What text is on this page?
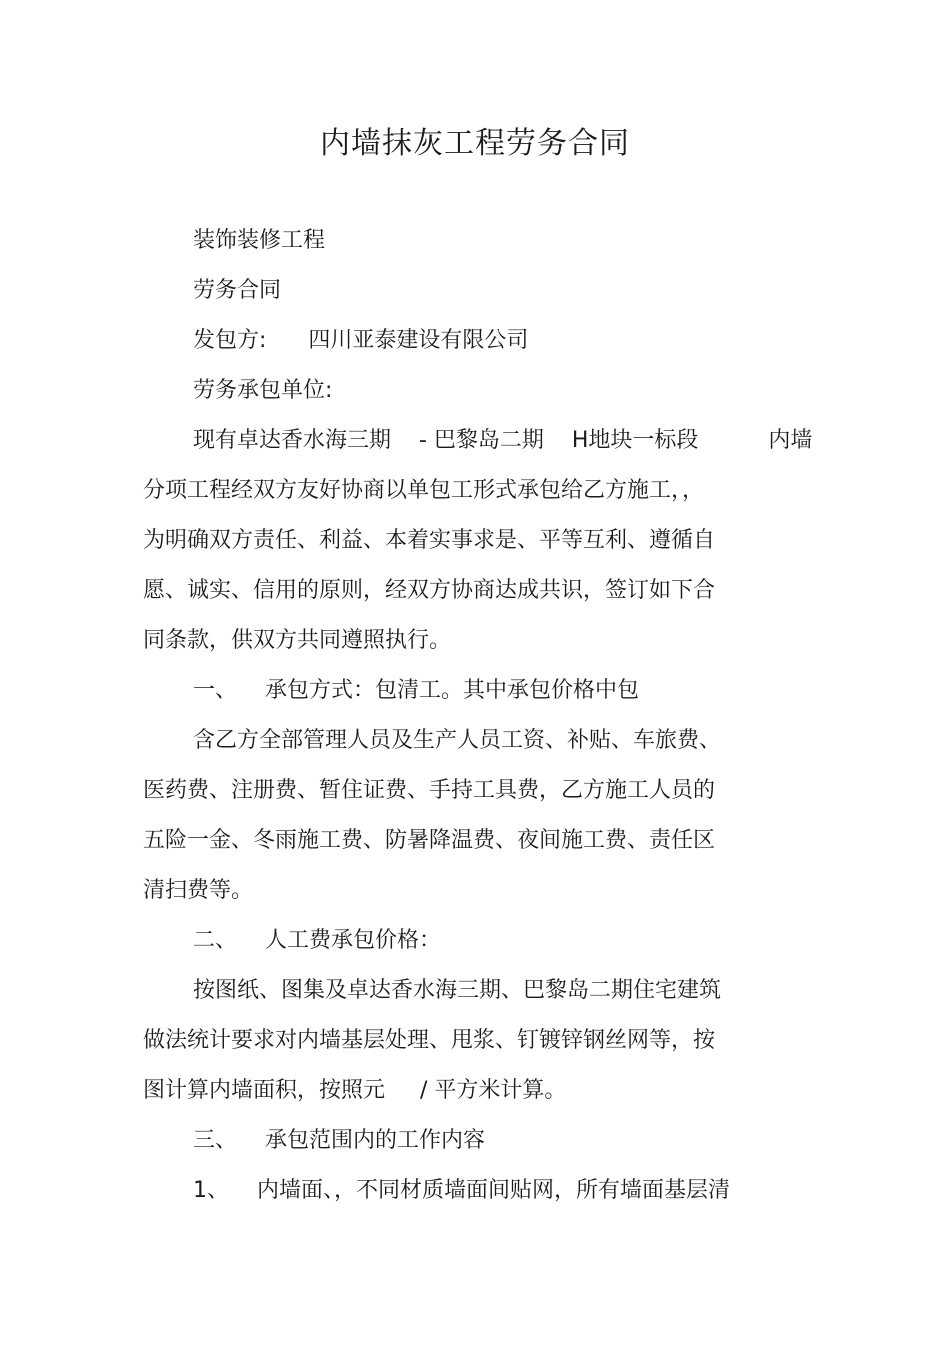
内墙抹灰工程劳务合同
装饰装修工程
劳务合同
发包方:      四川亚泰建设有限公司
劳务承包单位:
现有卓达香水海三期    - 巴黎岛二期    H地块一标段          内墙
分项工程经双方友好协商以单包工形式承包给乙方施工，，
为明确双方责任、利益、本着实事求是、平等互利、遵循自
愿、诚实、信用的原则，经双方协商达成共识，签订如下合
同条款，供双方共同遵照执行。
一、    承包方式：包清工。其中承包价格中包
含乙方全部管理人员及生产人员工资、补贴、车旅费、
医药费、注册费、暂住证费、手持工具费，乙方施工人员的
五险一金、冬雨施工费、防暑降温费、夜间施工费、责任区
清扫费等。
二、    人工费承包价格：
按图纸、图集及卓达香水海三期、巴黎岛二期住宅建筑
做法统计要求对内墙基层处理、甩浆、钉镀锌钢丝网等，按
图计算内墙面积，按照元     / 平方米计算。
三、    承包范围内的工作内容
1、    内墙面、，不同材质墙面间贴网，所有墙面基层清
